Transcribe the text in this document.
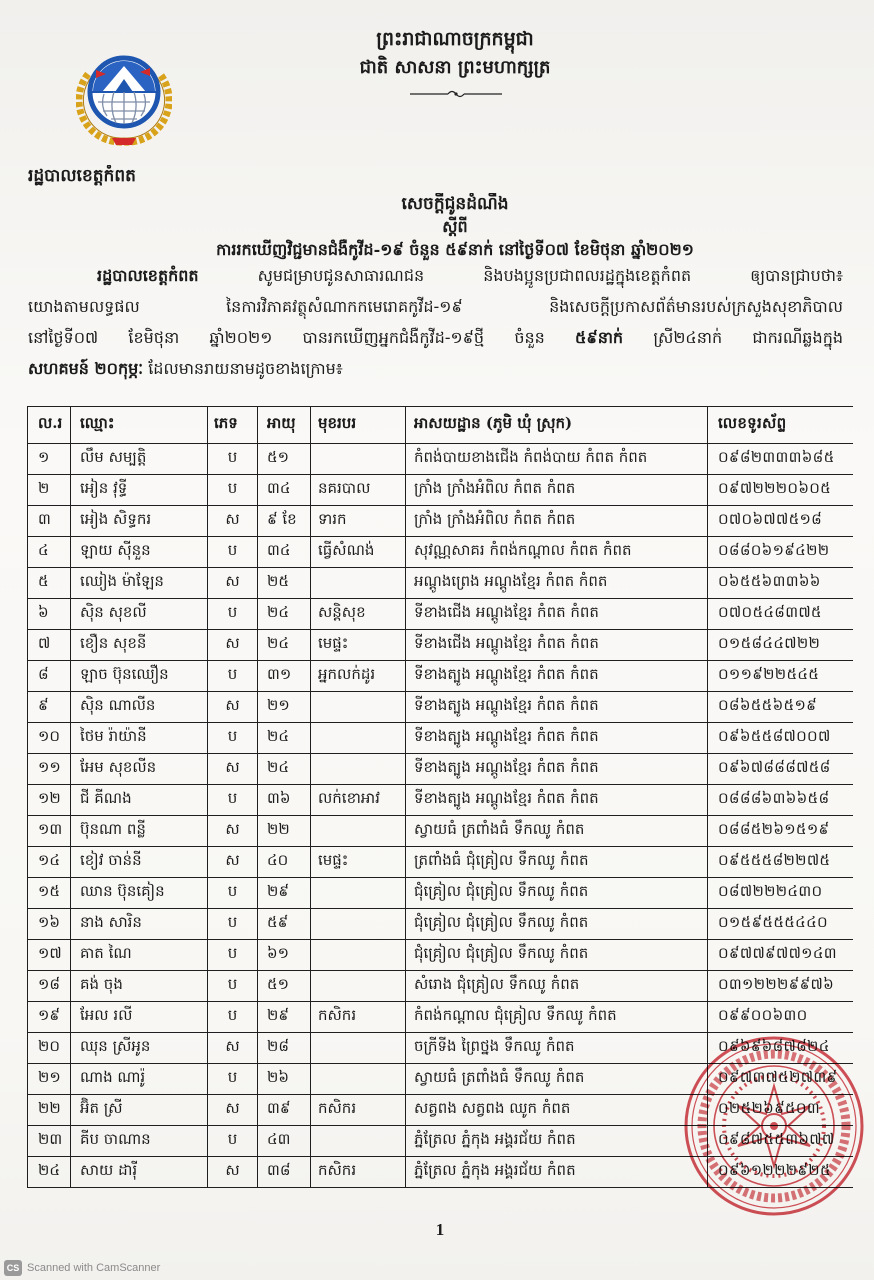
ព្រះរាជាណាចក្រកម្ពុជា
ជាតិ សាសនា ព្រះមហាក្សត្រ
រដ្ឋបាលខេត្តកំពត
សេចក្តីជូនដំណឹង
ស្តីពី
ការរកឃើញវិជ្ជមានជំងឺកូវីដ-១៩ ចំនួន ៥៩នាក់ នៅថ្ងៃទី០៧ ខែមិថុនា ឆ្នាំ២០២១
រដ្ឋបាលខេត្តកំពត សូមជម្រាបជូនសាធារណជន និងបងប្អូនប្រជាពលរដ្ឋក្នុងខេត្តកំពត ឲ្យបានជ្រាបថា៖
យោងតាមលទ្ធផល នៃការវិភាគវត្ថុសំណាកកមេរោគកូវីដ-១៩ និងសេចក្តីប្រកាសព័ត៌មានរបស់ក្រសួងសុខាភិបាល
នៅថ្ងៃទី០៧ ខែមិថុនា ឆ្នាំ២០២១ បានរកឃើញអ្នកជំងឺកូវីដ-១៩ថ្មី ចំនួន ៥៩នាក់ ស្រី២៤នាក់ ជាករណីឆ្លងក្នុង
សហគមន៍ ២០កុម្ភៈ ដែលមានរាយនាមដូចខាងក្រោម៖
ល.រ	ឈ្មោះ	ភេទ	អាយុ	មុខរបរ	អាសយដ្ឋាន (ភូមិ ឃុំ ស្រុក)	លេខទូរស័ព្ទ
១	លឹម សម្បត្តិ	ប	៥១		កំពង់បាយខាងជើង កំពង់បាយ កំពត កំពត	០៩៨២៣៣៣៦៨៥
២	អៀន វុទ្ធី	ប	៣៤	នគរបាល	ក្រាំង ក្រាំងអំពិល កំពត កំពត	០៩៧២២២០៦០៥
៣	អៀង សិទ្ធករ	ស	៩ ខែ	ទារក	ក្រាំង ក្រាំងអំពិល កំពត កំពត	០៧០៦៧៧៥១៨
៤	ឡាយ ស៊ីនួន	ប	៣៤	ធ្វើសំណង់	សុវណ្ណសាគរ កំពង់កណ្តាល កំពត កំពត	០៨៨០៦១៩៤២២
៥	ឈៀង ម៉ាឡែន	ស	២៥		អណ្តូងព្រេង អណ្តូងខ្មែរ កំពត កំពត	០៦៥៥៦៣៣៦៦
៦	ស៊ិន សុខលី	ប	២៤	សន្តិសុខ	ទីខាងជើង អណ្តូងខ្មែរ កំពត កំពត	០៧០៥៤៨៣៧៥
៧	ខឿន សុខនី	ស	២៤	មេផ្ទះ	ទីខាងជើង អណ្តូងខ្មែរ កំពត កំពត	០១៥៨៤៤៧២២
៨	ឡាច ប៊ុនឈឿន	ប	៣១	អ្នកលក់ដូរ	ទីខាងត្បូង អណ្តូងខ្មែរ កំពត កំពត	០១១៩២២៥៤៥
៩	ស៊ិន ណាលីន	ស	២១		ទីខាងត្បូង អណ្តូងខ្មែរ កំពត កំពត	០៨៦៥៥៦៥១៩
១០	ថៃម រ៉ាយ៉ានី	ប	២៤		ទីខាងត្បូង អណ្តូងខ្មែរ កំពត កំពត	០៩៦៥៥៨៧០០៧
១១	អែម សុខលីន	ស	២៤		ទីខាងត្បូង អណ្តូងខ្មែរ កំពត កំពត	០៩៦៧៨៨៨៧៥៨
១២	ជី គីណង	ប	៣៦	លក់ខោអាវ	ទីខាងត្បូង អណ្តូងខ្មែរ កំពត កំពត	០៨៨៨៦៣៦៦៥៨
១៣	ប៊ុនណា ពន្លី	ស	២២		ស្វាយធំ ត្រពាំងធំ ទឹកឈូ កំពត	០៨៨៥២៦១៥១៩
១៤	ខៀវ ចាន់នី	ស	៤០	មេផ្ទះ	ត្រពាំងធំ ជុំគ្រៀល ទឹកឈូ កំពត	០៩៥៥៥៨២២៧៥
១៥	ឈាន ប៊ុនគៀន	ប	២៩		ជុំគ្រៀល ជុំគ្រៀល ទឹកឈូ កំពត	០៨៧២២២៤៣០
១៦	នាង សារិន	ប	៥៩		ជុំគ្រៀល ជុំគ្រៀល ទឹកឈូ កំពត	០១៥៩៥៥៥៤៤០
១៧	គាត ណៃ	ប	៦១		ជុំគ្រៀល ជុំគ្រៀល ទឹកឈូ កំពត	០៩៧៧៩៧៧១៤៣
១៨	គង់ ចុង	ប	៥១		សំរោង ជុំគ្រៀល ទឹកឈូ កំពត	០៣១២២២៩៩៧៦
១៩	អែល រលី	ប	២៩	កសិករ	កំពង់កណ្តាល ជុំគ្រៀល ទឹកឈូ កំពត	០៩៩០០៦៣០
២០	ឈុន ស្រីអូន	ស	២៨		ចក្រីទីង ព្រៃថ្នង ទឹកឈូ កំពត	០៩៦៩៦៨៧៨២៤
២១	ណាង ណារ៉ូ	ប	២៦		ស្វាយធំ ត្រពាំងធំ ទឹកឈូ កំពត	០៩៧៣៧៥២៧៣៩
២២	អ៊ិត ស្រី	ស	៣៩	កសិករ	សត្វពង សត្វពង ឈូក កំពត	០២៥២៦៩៥០៣
២៣	គីប ចាណាន	ប	៤៣		ភ្នំត្រែល ភ្នំកុង អង្គរជ័យ កំពត	០៩៨៧៥៥៣៦៧៧
២៤	សាយ ដារ៉ី	ស	៣៨	កសិករ	ភ្នំត្រែល ភ្នំកុង អង្គរជ័យ កំពត	០៩៦១២២២៩២៥
1
CS Scanned with CamScanner
